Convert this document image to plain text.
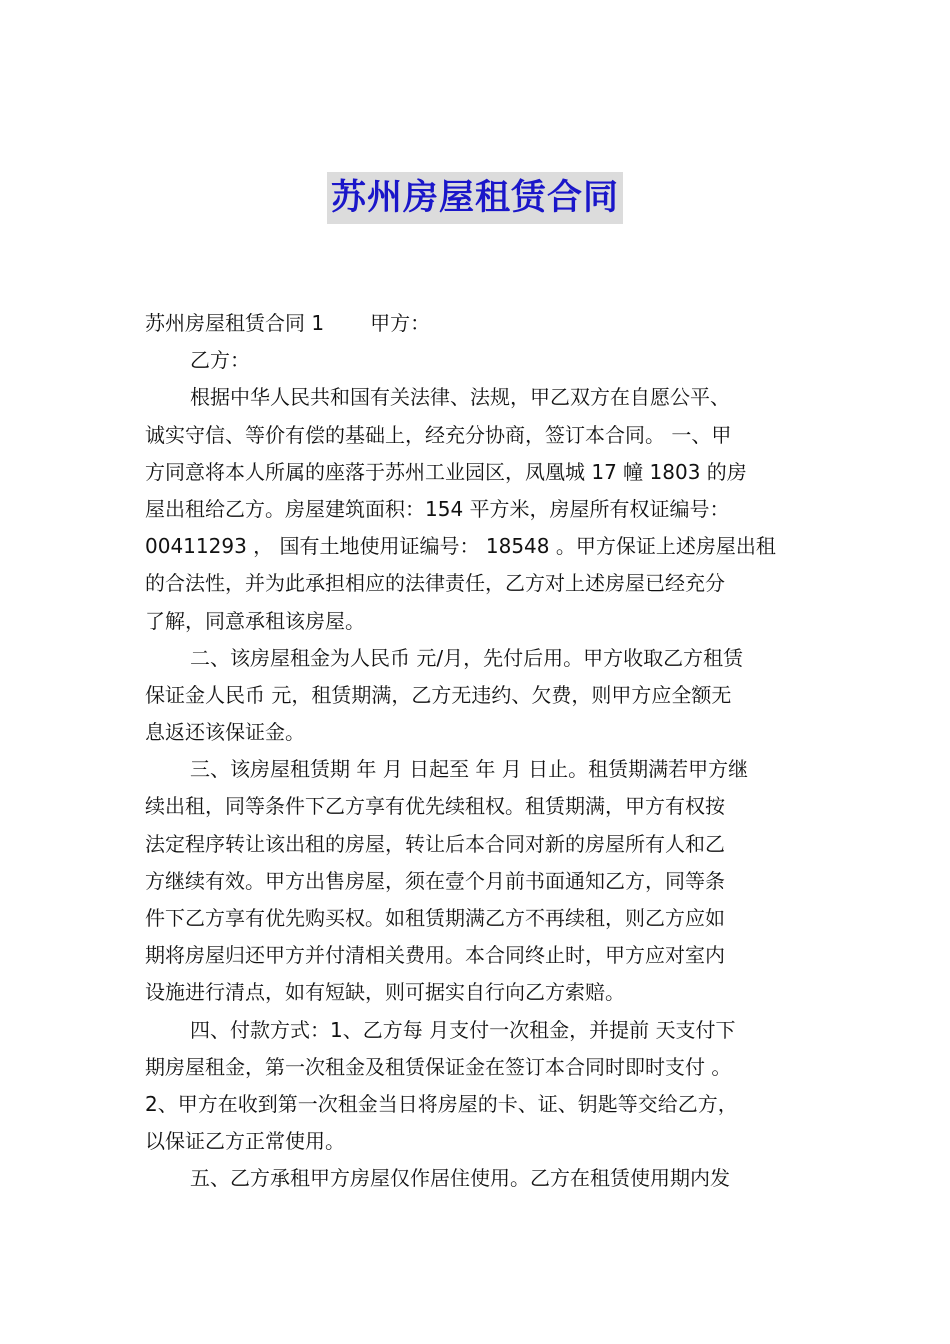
苏州房屋租赁合同
苏州房屋租赁合同 1 甲方：
乙方：
根据中华人民共和国有关法律、法规，甲乙双方在自愿公平、
诚实守信、等价有偿的基础上，经充分协商，签订本合同。 一、甲
方同意将本人所属的座落于苏州工业园区，凤凰城 17 幢 1803 的房
屋出租给乙方。房屋建筑面积：154 平方米，房屋所有权证编号：
00411293 ， 国有土地使用证编号： 18548 。甲方保证上述房屋出租
的合法性，并为此承担相应的法律责任，乙方对上述房屋已经充分
了解，同意承租该房屋。
二、该房屋租金为人民币 元/月，先付后用。甲方收取乙方租赁
保证金人民币 元，租赁期满，乙方无违约、欠费，则甲方应全额无
息返还该保证金。
三、该房屋租赁期 年 月 日起至 年 月 日止。租赁期满若甲方继
续出租，同等条件下乙方享有优先续租权。租赁期满，甲方有权按
法定程序转让该出租的房屋，转让后本合同对新的房屋所有人和乙
方继续有效。甲方出售房屋，须在壹个月前书面通知乙方，同等条
件下乙方享有优先购买权。如租赁期满乙方不再续租，则乙方应如
期将房屋归还甲方并付清相关费用。本合同终止时，甲方应对室内
设施进行清点，如有短缺，则可据实自行向乙方索赔。
四、付款方式：1、乙方每 月支付一次租金，并提前 天支付下
期房屋租金，第一次租金及租赁保证金在签订本合同时即时支付 。
2、甲方在收到第一次租金当日将房屋的卡、证、钥匙等交给乙方，
以保证乙方正常使用。
五、乙方承租甲方房屋仅作居住使用。乙方在租赁使用期内发
